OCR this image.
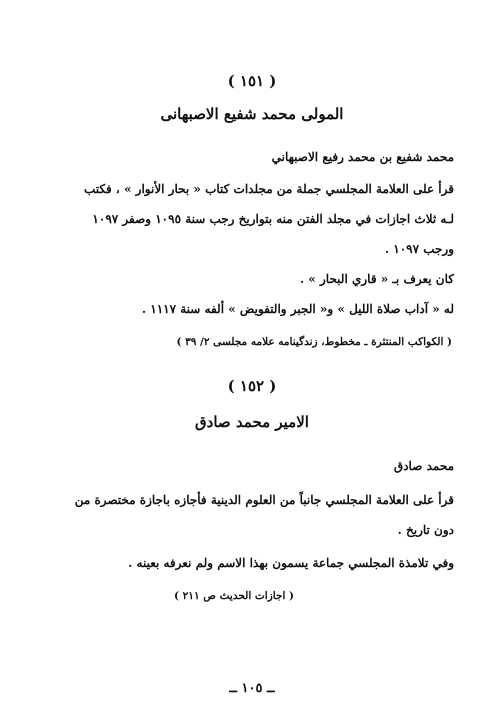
( ١٥١ )
المولى محمد شفيع الاصبهانى
محمد شفيع بن محمد رفيع الاصبهاني
قرأ على العلامة المجلسي جملة من مجلدات كتاب « بحار الأنوار » ، فكتب
لـه ثلاث اجازات في مجلد الفتن منه بتواريخ رجب سنة ١٠٩٥ وصفر ١٠٩٧
ورجب ١٠٩٧ .
كان يعرف بـ « قاري البحار » .
له « آداب صلاة الليل » و« الجبر والتفويض » ألفه سنة ١١١٧ .
( الكواكب المنتثرة ـ مخطوط، زندگينامه علامه مجلسى ٢/ ٣٩ )
( ١٥٢ )
الامير محمد صادق
محمد صادق
قرأ على العلامة المجلسي جانباً من العلوم الدينية فأجازه باجازة مختصرة من
دون تاريخ .
وفي تلامذة المجلسي جماعة يسمون بهذا الاسم ولم نعرفه بعينه .
( اجازات الحديث ص ٢١١ )
ــ ١٠٥ ــ
